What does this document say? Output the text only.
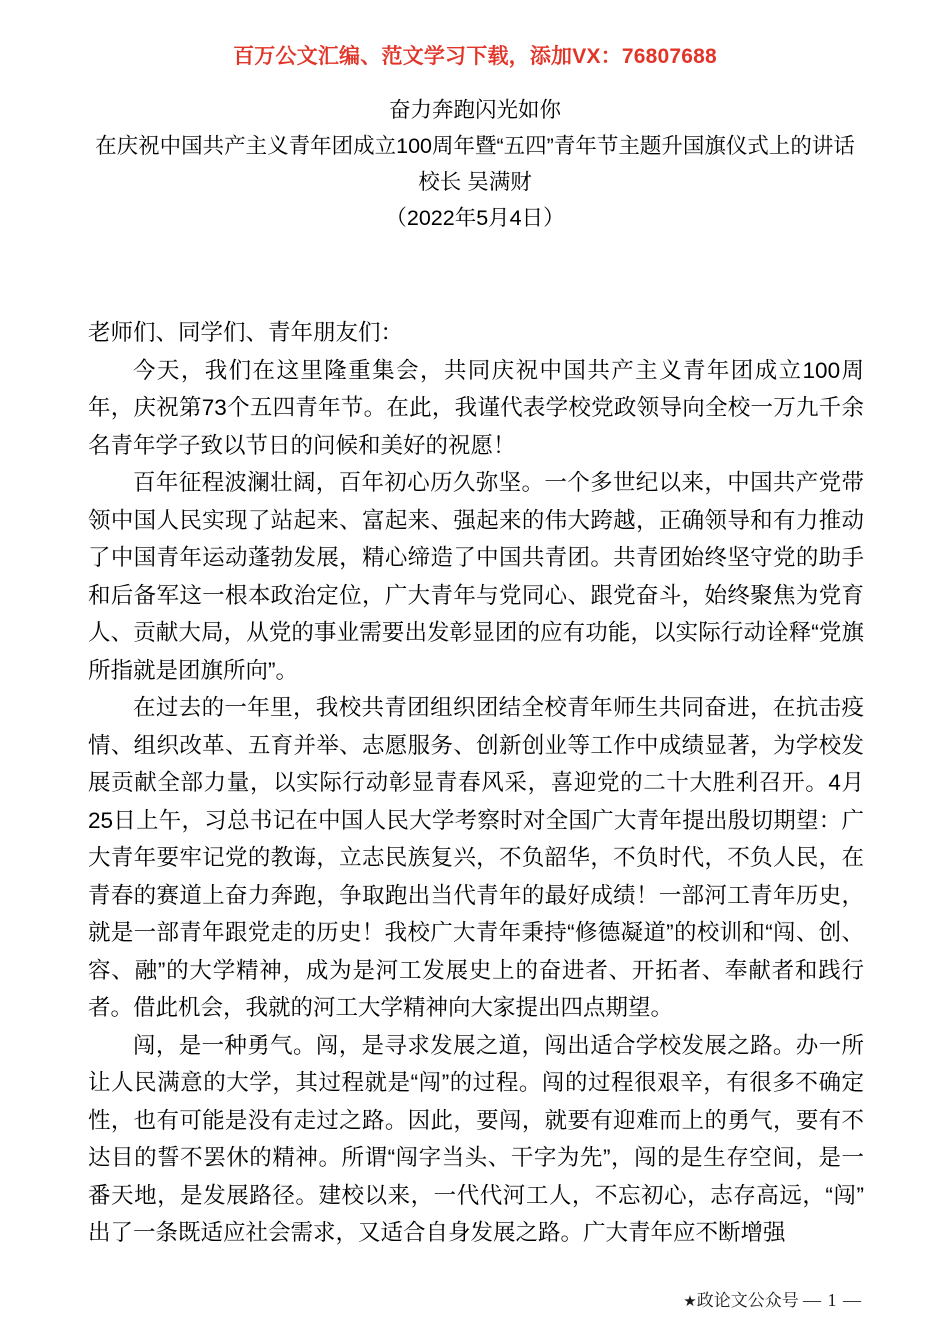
百万公文汇编、范文学习下载，添加VX：76807688
奋力奔跑闪光如你
在庆祝中国共产主义青年团成立100周年暨“五四”青年节主题升国旗仪式上的讲话
校长 吴满财
（2022年5月4日）

老师们、同学们、青年朋友们：

今天，我们在这里隆重集会，共同庆祝中国共产主义青年团成立100周年，庆祝第73个五四青年节。在此，我谨代表学校党政领导向全校一万九千余名青年学子致以节日的问候和美好的祝愿！

百年征程波澜壮阔，百年初心历久弥坚。一个多世纪以来，中国共产党带领中国人民实现了站起来、富起来、强起来的伟大跨越，正确领导和有力推动了中国青年运动蓬勃发展，精心缔造了中国共青团。共青团始终坚守党的助手和后备军这一根本政治定位，广大青年与党同心、跟党奋斗，始终聚焦为党育人、贡献大局，从党的事业需要出发彰显团的应有功能，以实际行动诠释“党旗所指就是团旗所向”。

在过去的一年里，我校共青团组织团结全校青年师生共同奋进，在抗击疫情、组织改革、五育并举、志愿服务、创新创业等工作中成绩显著，为学校发展贡献全部力量，以实际行动彰显青春风采，喜迎党的二十大胜利召开。4月25日上午，习总书记在中国人民大学考察时对全国广大青年提出殷切期望：广大青年要牢记党的教诲，立志民族复兴，不负韶华，不负时代，不负人民，在青春的赛道上奋力奔跑，争取跑出当代青年的最好成绩！一部河工青年历史，就是一部青年跟党走的历史！我校广大青年秉持“修德凝道”的校训和“闯、创、容、融”的大学精神，成为是河工发展史上的奋进者、开拓者、奉献者和践行者。借此机会，我就的河工大学精神向大家提出四点期望。

闯，是一种勇气。闯，是寻求发展之道，闯出适合学校发展之路。办一所让人民满意的大学，其过程就是“闯”的过程。闯的过程很艰辛，有很多不确定性，也有可能是没有走过之路。因此，要闯，就要有迎难而上的勇气，要有不达目的誓不罢休的精神。所谓“闯字当头、干字为先”，闯的是生存空间，是一番天地，是发展路径。建校以来，一代代河工人，不忘初心，志存高远，“闯”出了一条既适应社会需求，又适合自身发展之路。广大青年应不断增强

★政论文公众号 — 1 —
